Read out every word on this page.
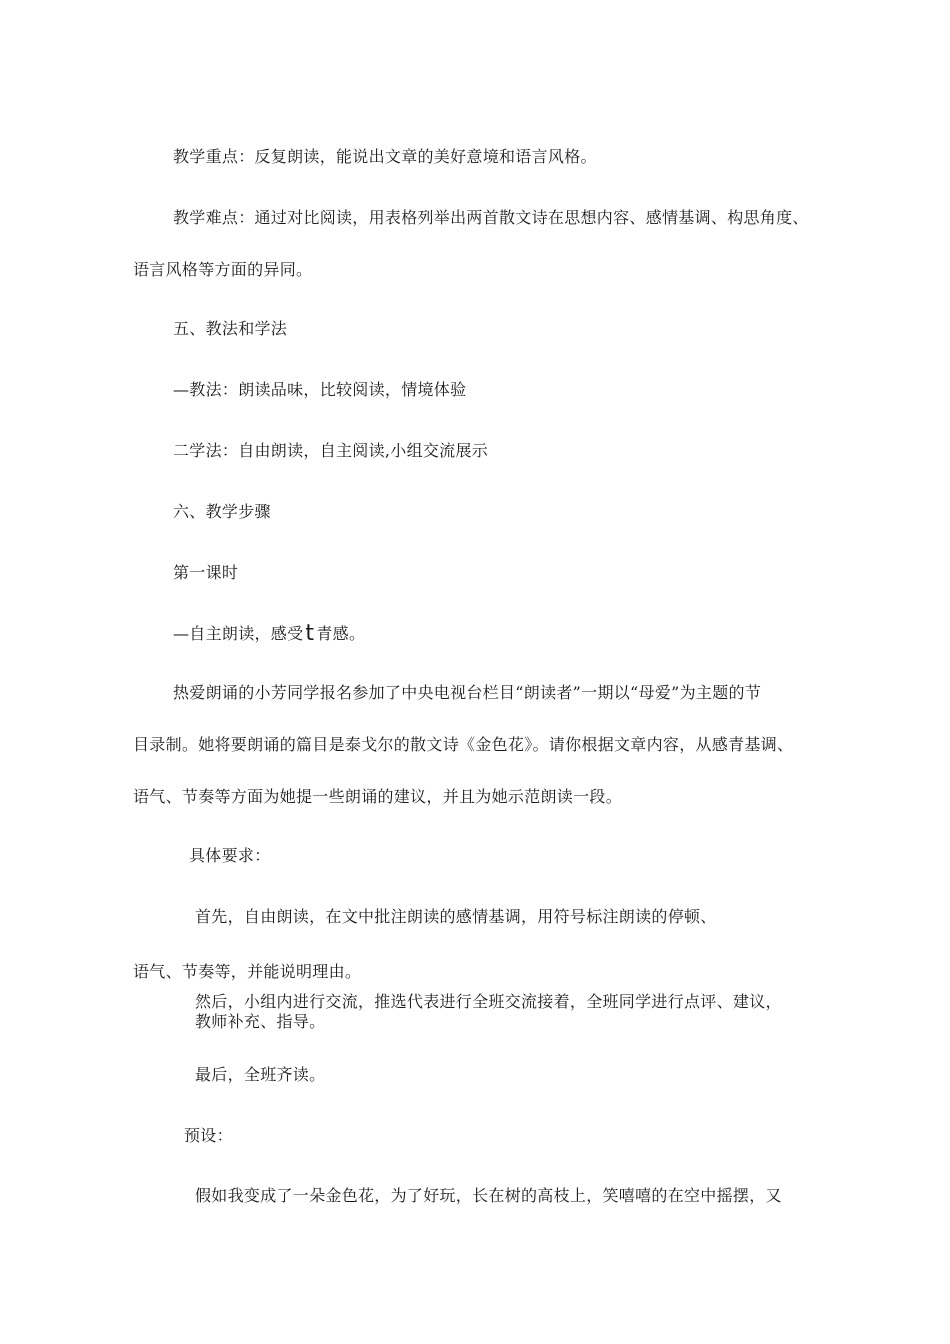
教学重点：反复朗读，能说出文章的美好意境和语言风格。
教学难点：通过对比阅读，用表格列举出两首散文诗在思想内容、感情基调、构思角度、
语言风格等方面的异同。
五、教法和学法
—教法：朗读品味，比较阅读，情境体验
二学法：自由朗读，自主阅读,小组交流展示
六、教学步骤
第一课时
—自主朗读，感受t 青感。
热爱朗诵的小芳同学报名参加了中央电视台栏目“朗读者”一期以“母爱”为主题的节
目录制。她将要朗诵的篇目是泰戈尔的散文诗《金色花》。请你根据文章内容，从感青基调、
语气、节奏等方面为她提一些朗诵的建议，并且为她示范朗读一段。
具体要求：
首先，自由朗读，在文中批注朗读的感情基调，用符号标注朗读的停顿、
语气、节奏等，并能说明理由。
然后，小组内进行交流，推选代表进行全班交流接着，全班同学进行点评、建议，
教师补充、指导。
最后，全班齐读。
预设：
假如我变成了一朵金色花，为了好玩，长在树的高枝上，笑嘻嘻的在空中摇摆，又
